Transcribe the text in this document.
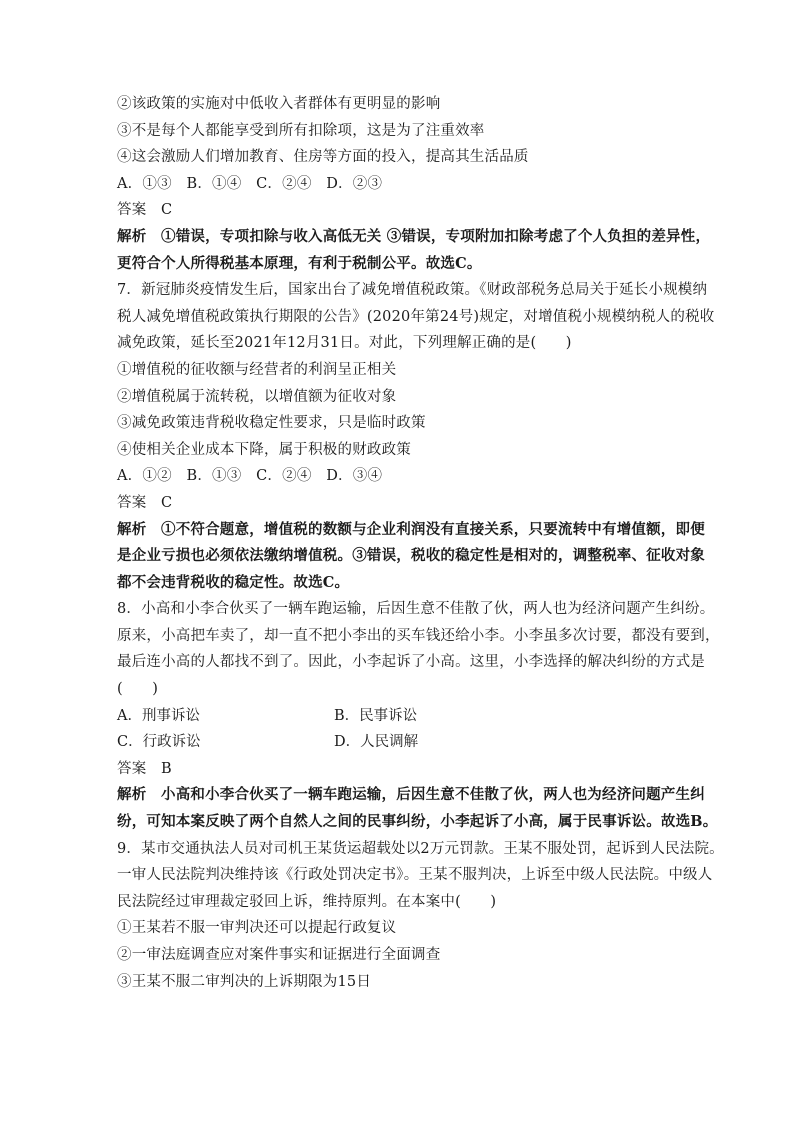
②该政策的实施对中低收入者群体有更明显的影响
③不是每个人都能享受到所有扣除项，这是为了注重效率
④这会激励人们增加教育、住房等方面的投入，提高其生活品质
A．①③　B．①④　C．②④　D．②③
答案 C
解析 ①错误，专项扣除与收入高低无关 ③错误，专项附加扣除考虑了个人负担的差异性，
更符合个人所得税基本原理，有利于税制公平。故选C。
7．新冠肺炎疫情发生后，国家出台了减免增值税政策。《财政部税务总局关于延长小规模纳
税人减免增值税政策执行期限的公告》(2020年第24号)规定，对增值税小规模纳税人的税收
减免政策，延长至2021年12月31日。对此，下列理解正确的是(　　)
①增值税的征收额与经营者的利润呈正相关
②增值税属于流转税，以增值额为征收对象
③减免政策违背税收稳定性要求，只是临时政策
④使相关企业成本下降，属于积极的财政政策
A．①②　B．①③　C．②④　D．③④
答案 C
解析 ①不符合题意，增值税的数额与企业利润没有直接关系，只要流转中有增值额，即便
是企业亏损也必须依法缴纳增值税。③错误，税收的稳定性是相对的，调整税率、征收对象
都不会违背税收的稳定性。故选C。
8．小高和小李合伙买了一辆车跑运输，后因生意不佳散了伙，两人也为经济问题产生纠纷。
原来，小高把车卖了，却一直不把小李出的买车钱还给小李。小李虽多次讨要，都没有要到，
最后连小高的人都找不到了。因此，小李起诉了小高。这里，小李选择的解决纠纷的方式是
(　　)
A．刑事诉讼	B．民事诉讼
C．行政诉讼	D．人民调解
答案 B
解析 小高和小李合伙买了一辆车跑运输，后因生意不佳散了伙，两人也为经济问题产生纠
纷，可知本案反映了两个自然人之间的民事纠纷，小李起诉了小高，属于民事诉讼。故选B。
9．某市交通执法人员对司机王某货运超载处以2万元罚款。王某不服处罚，起诉到人民法院。
一审人民法院判决维持该《行政处罚决定书》。王某不服判决，上诉至中级人民法院。中级人
民法院经过审理裁定驳回上诉，维持原判。在本案中(　　)
①王某若不服一审判决还可以提起行政复议
②一审法庭调查应对案件事实和证据进行全面调查
③王某不服二审判决的上诉期限为15日
